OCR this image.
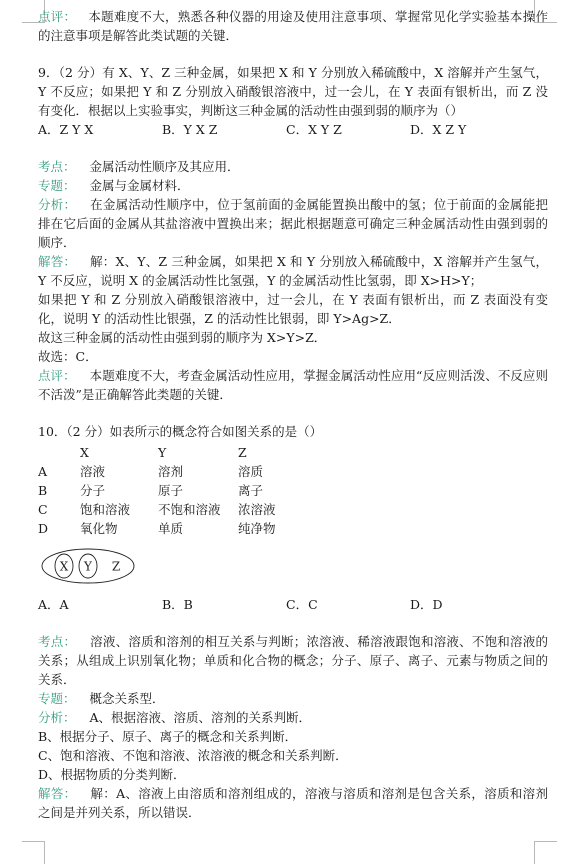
点评： 本题难度不大，熟悉各种仪器的用途及使用注意事项、掌握常见化学实验基本操作的注意事项是解答此类试题的关键．

9．（2 分）有 X、Y、Z 三种金属，如果把 X 和 Y 分别放入稀硫酸中，X 溶解并产生氢气，Y 不反应；如果把 Y 和 Z 分别放入硝酸银溶液中，过一会儿，在 Y 表面有银析出，而 Z 没有变化．根据以上实验事实，判断这三种金属的活动性由强到弱的顺序为（）

A．Z Y X	B．Y X Z	C．X Y Z	D．X Z Y

考点： 金属活动性顺序及其应用．

专题： 金属与金属材料．

分析： 在金属活动性顺序中，位于氢前面的金属能置换出酸中的氢；位于前面的金属能把排在它后面的金属从其盐溶液中置换出来；据此根据题意可确定三种金属活动性由强到弱的顺序．

解答： 解：X、Y、Z 三种金属，如果把 X 和 Y 分别放入稀硫酸中，X 溶解并产生氢气，Y 不反应，说明 X 的金属活动性比氢强，Y 的金属活动性比氢弱，即 X>H>Y；

如果把 Y 和 Z 分别放入硝酸银溶液中，过一会儿，在 Y 表面有银析出，而 Z 表面没有变化，说明 Y 的活动性比银强，Z 的活动性比银弱，即 Y>Ag>Z．

故这三种金属的活动性由强到弱的顺序为 X>Y>Z．

故选：C．

点评： 本题难度不大，考查金属活动性应用，掌握金属活动性应用“反应则活泼、不反应则不活泼”是正确解答此类题的关键．

10．（2 分）如表所示的概念符合如图关系的是（）

	X	Y	Z
A	溶液	溶剂	溶质
B	分子	原子	离子
C	饱和溶液	不饱和溶液	浓溶液
D	氧化物	单质	纯净物
X Y Z
A．A	B．B	C．C	D．D

考点： 溶液、溶质和溶剂的相互关系与判断；浓溶液、稀溶液跟饱和溶液、不饱和溶液的关系；从组成上识别氧化物；单质和化合物的概念；分子、原子、离子、元素与物质之间的关系．

专题： 概念关系型．

分析： A、根据溶液、溶质、溶剂的关系判断．

B、根据分子、原子、离子的概念和关系判断．

C、饱和溶液、不饱和溶液、浓溶液的概念和关系判断．

D、根据物质的分类判断．

解答： 解：A、溶液上由溶质和溶剂组成的，溶液与溶质和溶剂是包含关系，溶质和溶剂之间是并列关系，所以错误．
